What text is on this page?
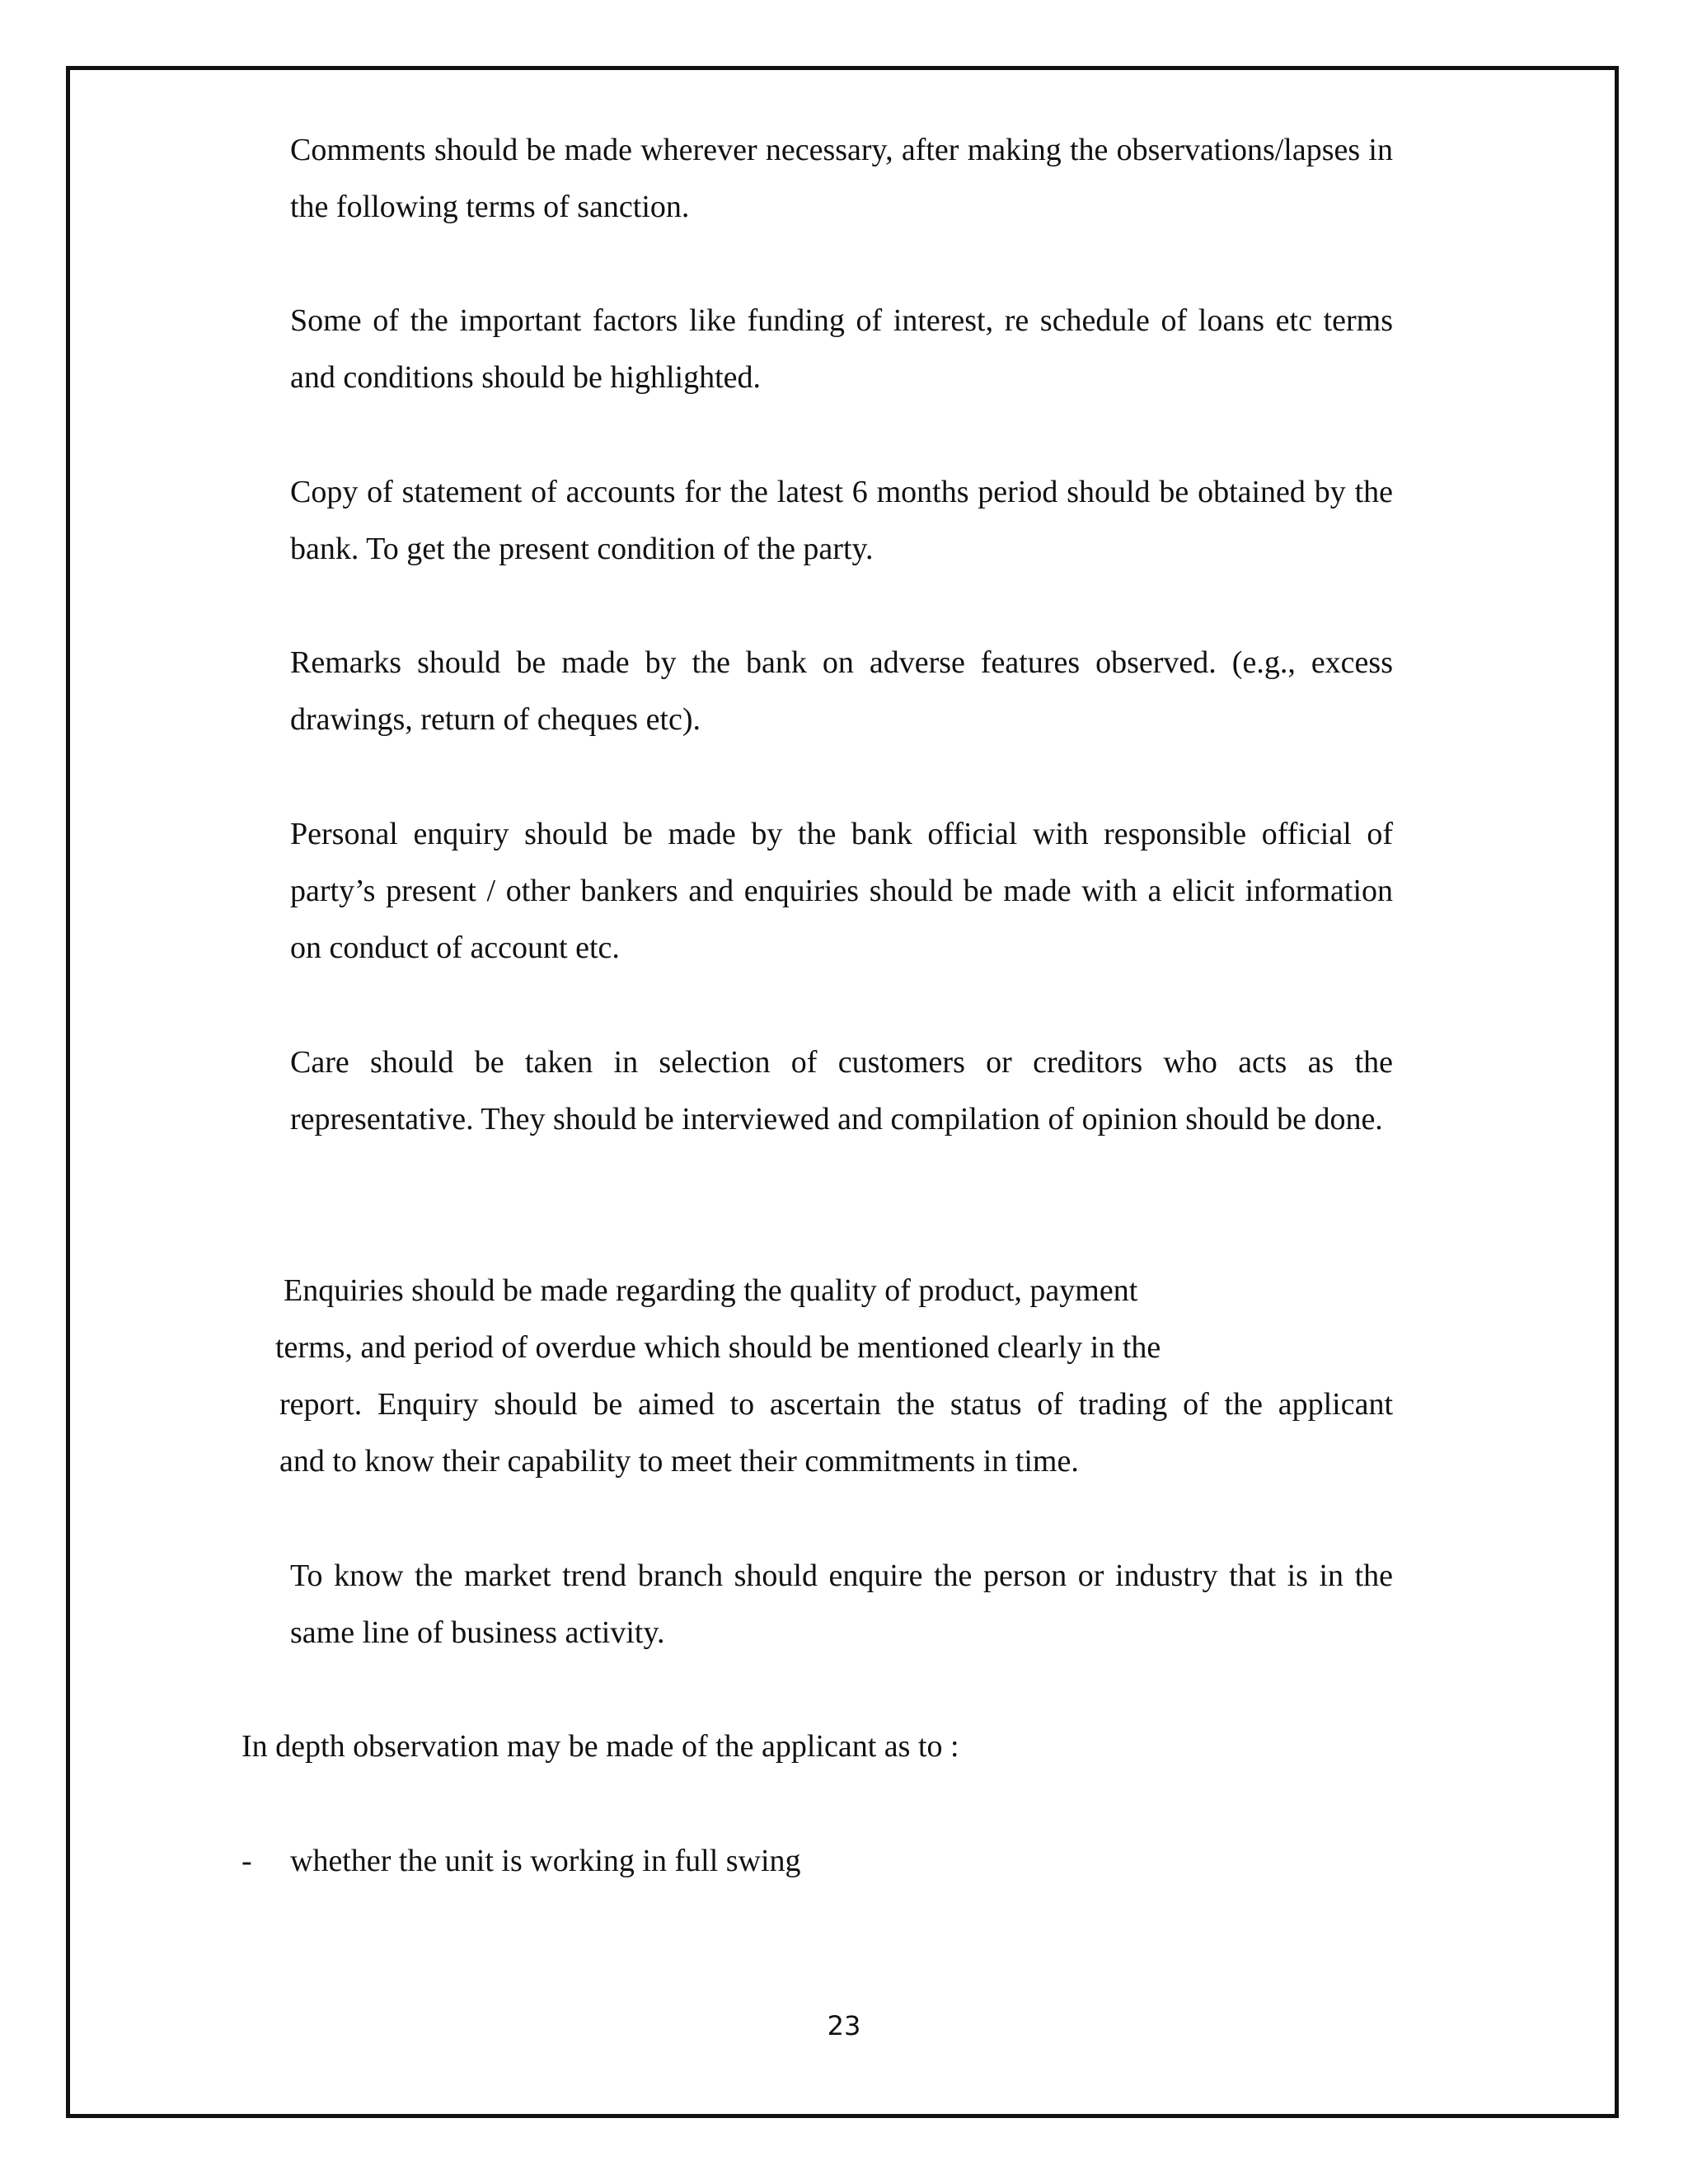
Comments should be made wherever necessary, after making the observations/lapses in the following terms of sanction.

Some of the important factors like funding of interest, re schedule of loans etc terms and conditions should be highlighted.

Copy of statement of accounts for the latest 6 months period should be obtained by the bank. To get the present condition of the party.

Remarks should be made by the bank on adverse features observed. (e.g., excess drawings, return of cheques etc).

Personal enquiry should be made by the bank official with responsible official of party’s present / other bankers and enquiries should be made with a elicit information on conduct of account etc.

Care should be taken in selection of customers or creditors who acts as the representative. They should be interviewed and compilation of opinion should be done.

Enquiries should be made regarding the quality of product, payment

terms, and period of overdue which should be mentioned clearly in the

report. Enquiry should be aimed to ascertain the status of trading of the applicant

and to know their capability to meet their commitments in time.

To know the market trend branch should enquire the person or industry that is in the same line of business activity.

In depth observation may be made of the applicant as to :

- whether the unit is working in full swing

23
